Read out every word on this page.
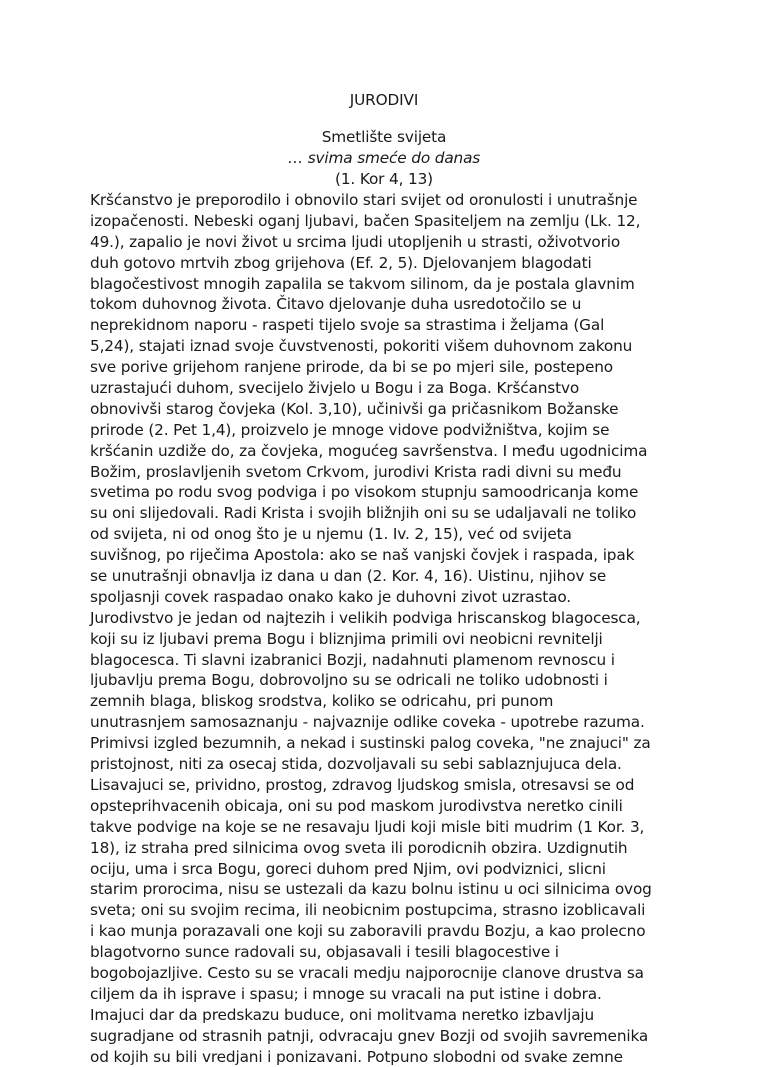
JURODIVI
Smetlište svijeta
… svima smeće do danas
(1. Kor 4, 13)
Kršćanstvo je preporodilo i obnovilo stari svijet od oronulosti i unutrašnje
izopačenosti. Nebeski oganj ljubavi, bačen Spasiteljem na zemlju (Lk. 12,
49.), zapalio je novi život u srcima ljudi utopljenih u strasti, oživotvorio
duh gotovo mrtvih zbog grijehova (Ef. 2, 5). Djelovanjem blagodati
blagočestivost mnogih zapalila se takvom silinom, da je postala glavnim
tokom duhovnog života. Čitavo djelovanje duha usredotočilo se u
neprekidnom naporu - raspeti tijelo svoje sa strastima i željama (Gal
5,24), stajati iznad svoje čuvstvenosti, pokoriti višem duhovnom zakonu
sve porive grijehom ranjene prirode, da bi se po mjeri sile, postepeno
uzrastajući duhom, svecijelo živjelo u Bogu i za Boga. Kršćanstvo
obnovivši starog čovjeka (Kol. 3,10), učinivši ga pričasnikom Božanske
prirode (2. Pet 1,4), proizvelo je mnoge vidove podvižništva, kojim se
kršćanin uzdiže do, za čovjeka, mogućeg savršenstva. I među ugodnicima
Božim, proslavljenih svetom Crkvom, jurodivi Krista radi divni su među
svetima po rodu svog podviga i po visokom stupnju samoodricanja kome
su oni slijedovali. Radi Krista i svojih bližnjih oni su se udaljavali ne toliko
od svijeta, ni od onog što je u njemu (1. Iv. 2, 15), već od svijeta
suvišnog, po riječima Apostola: ako se naš vanjski čovjek i raspada, ipak
se unutrašnji obnavlja iz dana u dan (2. Kor. 4, 16). Uistinu, njihov se
spoljasnji covek raspadao onako kako je duhovni zivot uzrastao.
Jurodivstvo je jedan od najtezih i velikih podviga hriscanskog blagocesca,
koji su iz ljubavi prema Bogu i bliznjima primili ovi neobicni revnitelji
blagocesca. Ti slavni izabranici Bozji, nadahnuti plamenom revnoscu i
ljubavlju prema Bogu, dobrovoljno su se odricali ne toliko udobnosti i
zemnih blaga, bliskog srodstva, koliko se odricahu, pri punom
unutrasnjem samosaznanju - najvaznije odlike coveka - upotrebe razuma.
Primivsi izgled bezumnih, a nekad i sustinski palog coveka, "ne znajuci" za
pristojnost, niti za osecaj stida, dozvoljavali su sebi sablaznjujuca dela.
Lisavajuci se, prividno, prostog, zdravog ljudskog smisla, otresavsi se od
opsteprihvacenih obicaja, oni su pod maskom jurodivstva neretko cinili
takve podvige na koje se ne resavaju ljudi koji misle biti mudrim (1 Kor. 3,
18), iz straha pred silnicima ovog sveta ili porodicnih obzira. Uzdignutih
ociju, uma i srca Bogu, goreci duhom pred Njim, ovi podviznici, slicni
starim prorocima, nisu se ustezali da kazu bolnu istinu u oci silnicima ovog
sveta; oni su svojim recima, ili neobicnim postupcima, strasno izoblicavali
i kao munja porazavali one koji su zaboravili pravdu Bozju, a kao prolecno
blagotvorno sunce radovali su, objasavali i tesili blagocestive i
bogobojazljive. Cesto su se vracali medju najporocnije clanove drustva sa
ciljem da ih isprave i spasu; i mnoge su vracali na put istine i dobra.
Imajuci dar da predskazu buduce, oni molitvama neretko izbavljaju
sugradjane od strasnih patnji, odvracaju gnev Bozji od svojih savremenika
od kojih su bili vredjani i ponizavani. Potpuno slobodni od svake zemne
